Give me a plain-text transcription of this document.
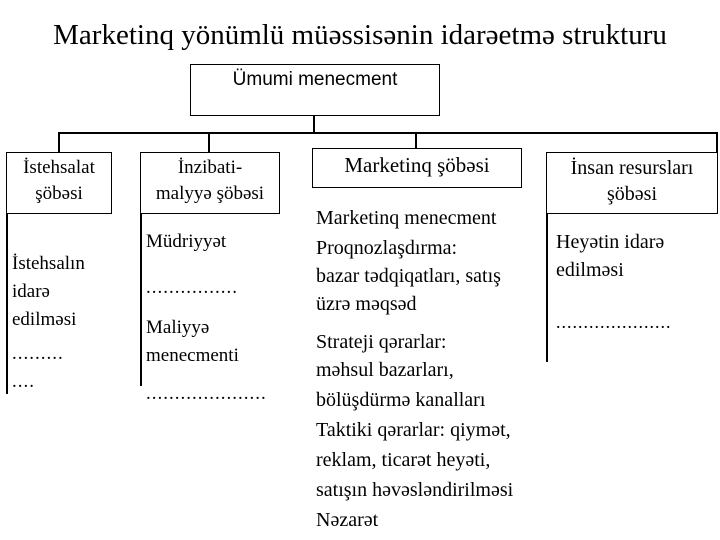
Marketinq yönümlü müəssisənin idarəetmə strukturu
Ümumi menecment
İstehsalat
şöbəsi
İstehsalın
idarə
edilməsi
.........
....
İnzibati-
malyyə şöbəsi
Müdriyyət
................
Maliyyə
menecmenti
.....................
Marketinq şöbəsi
Marketinq menecment
Proqnozlaşdırma:
bazar tədqiqatları, satış
üzrə məqsəd
Strateji qərarlar:
məhsul bazarları,
bölüşdürmə kanalları
Taktiki qərarlar: qiymət,
reklam, ticarət heyəti,
satışın həvəsləndirilməsi
Nəzarət
İnsan resursları
şöbəsi
Heyətin idarə
edilməsi
.....................
